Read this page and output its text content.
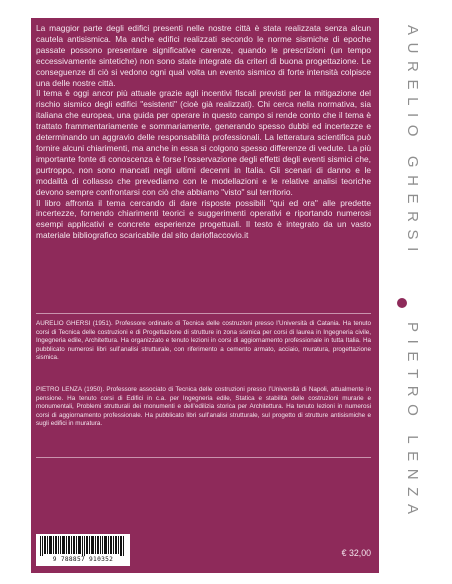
La maggior parte degli edifici presenti nelle nostre città è stata realizzata senza alcun cautela antisismica. Ma anche edifici realizzati secondo le norme sismiche di epoche passate possono presentare significative carenze, quando le prescrizioni (un tempo eccessivamente sintetiche) non sono state integrate da criteri di buona progettazione. Le conseguenze di ciò si vedono ogni qual volta un evento sismico di forte intensità colpisce una delle nostre città.
Il tema è oggi ancor più attuale grazie agli incentivi fiscali previsti per la mitigazione del rischio sismico degli edifici "esistenti" (cioè già realizzati). Chi cerca nella normativa, sia italiana che europea, una guida per operare in questo campo si rende conto che il tema è trattato frammentariamente e sommariamente, generando spesso dubbi ed incertezze e determinando un aggravio delle responsabilità professionali. La letteratura scientifica può fornire alcuni chiarimenti, ma anche in essa si colgono spesso differenze di vedute. La più importante fonte di conoscenza è forse l’osservazione degli effetti degli eventi sismici che, purtroppo, non sono mancati negli ultimi decenni in Italia. Gli scenari di danno e le modalità di collasso che prevediamo con le modellazioni e le relative analisi teoriche devono sempre confrontarsi con ciò che abbiamo "visto" sul territorio.
Il libro affronta il tema cercando di dare risposte possibili "qui ed ora" alle predette incertezze, fornendo chiarimenti teorici e suggerimenti operativi e riportando numerosi esempi applicativi e concrete esperienze progettuali. Il testo è integrato da un vasto materiale bibliografico scaricabile dal sito darioflaccovio.it

AURELIO GHERSI (1951). Professore ordinario di Tecnica delle costruzioni presso l’Università di Catania. Ha tenuto corsi di Tecnica delle costruzioni e di Progettazione di strutture in zona sismica per corsi di laurea in Ingegneria civile, Ingegneria edile, Architettura. Ha organizzato e tenuto lezioni in corsi di aggiornamento professionale in tutta Italia. Ha pubblicato numerosi libri sull’analisi strutturale, con riferimento a cemento armato, acciaio, muratura, progettazione sismica.

PIETRO LENZA (1950). Professore associato di Tecnica delle costruzioni presso l’Università di Napoli, attualmente in pensione. Ha tenuto corsi di Edifici in c.a. per Ingegneria edile, Statica e stabilità delle costruzioni murarie e monumentali, Problemi strutturali dei monumenti e dell’edilizia storica per Architettura. Ha tenuto lezioni in numerosi corsi di aggiornamento professionale. Ha pubblicato libri sull’analisi strutturale, sul progetto di strutture antisismiche e sugli edifici in muratura.

9 788857 910352
€ 32,00
AURELIO GHERSI
PIETRO LENZA
